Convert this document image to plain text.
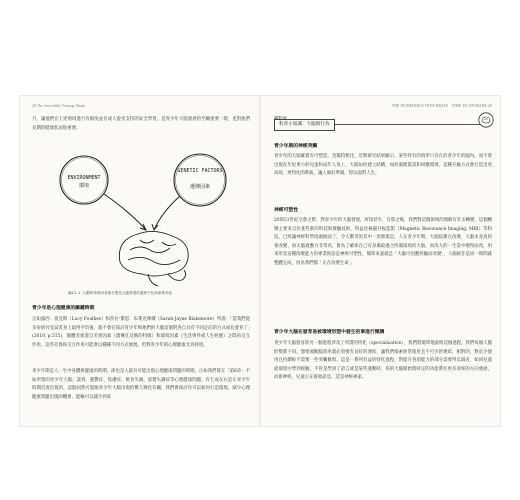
28 The Incredible Teenage Brain

月，讓他們在上述領域進行有限度並有成人從旁支持的安全學習，是青少年大腦發展的至關重要一環，也對他們長期的健康狀況很重要。

ENVIRONMENT
環境
GENETIC FACTORS
遺傳因素
圖13.1 人體和環境兩者都在塑造大腦發展的過程中扮演重要角色
青少年是心理健康的關鍵時期

正如露西．富克斯（Lucy Foulkes）和莎拉-傑恩．布萊克摩爾（Sarah-Jayne Blakemore）所說：「當我們從多份研究受試者身上取得平均值，就不會在探討青少年和他們的大腦這個對各自具有不同走向的方式成長發育了」(2018, p.515)，個體差異還自差異因素（遺傳且反映的特徵）和環境因素（生活事件或人生經歷）之間的交互作用。這些差異和交互作用可能會以種種不同方式展現，但對青少年的心理健康尤為特別。

青少年期是人一生中身體與健康的時期，卻也是人最有可能出現心理健康問題的時期。正如我們將在「第6章：不如所想的青少年大腦」談到，憂鬱症、焦慮症、飲食失調、思覺失調症等心理健康問題，有七成左右是在青少年時期首度出現的，這點固然可能跟青少年大腦出現的驚人變化有關，我們會探討你可以如何打造環境，減少心理健康問題出現的機會，能嘛可以減少到某

THE INCREDIBLE TEEN BRAIN · TIME TO UPGRADE 29

科普小知識：大腦與行為
青少年期的神經突觸

青少年的大腦確實有可塑造，也獨特無比，近期研究結果顯示，某些特有的情形只存在於青少年的腦內，而不會出現在年紀更小的兒童和成年人身上，大腦如何建立結構，如何處理資訊和回應環境，這種升級方式會打造出更高效、更特化的系統，讓人做好準備，得以面對人生。

神經可塑性

20與21世紀交會之際，對青少年的大腦發展，所知甚少，自那之後，我們對這個領域的理解有許多轉變，這個轉變主要來自於某些新的科技與實驗技術，得益於核磁共振造影（Magnetic Resonance Imaging, MRI）等科技，已經讓神經科學改頭換面了，令人驚奇的其中一項發現是，人在青少年期，大腦依舊在改變，大腦本身真的會改變，而大腦適應力非常高，會為了確保自己有身處最適合所處環境的大腦，而改大的一生當中變得而改，用來形容這種改變能力的專業術語是神經可塑性，簡單來說就是「大腦可因應經驗而改變」，人腦絕非是同一時間就整體完成，因為我們都「正在改變生命」。

青少年大腦在發育易被環境形塑中發生的事進行微調

青少年大腦發育的另一個進程涉及了所謂的特化（specialisation），我們將簡單地說明這個過程，我們每個人腦形勢都不同，想要頭鵝腦效率就必須要有良好的連結，讓我們探索經常使用且不可少的連結，相對的，對於少使用且持續較不需要一些突觸修剪；這是一系列有益的特化過程，對提升各項能力的部分需要得以減省，如同兒童從環境中學到經驗，不管是學到了語言或是某些運動時，你的大腦開始將特定的功能帶往更有效率的方向發展，而新神經，兒童正在接收訊息，這是神經專家。
